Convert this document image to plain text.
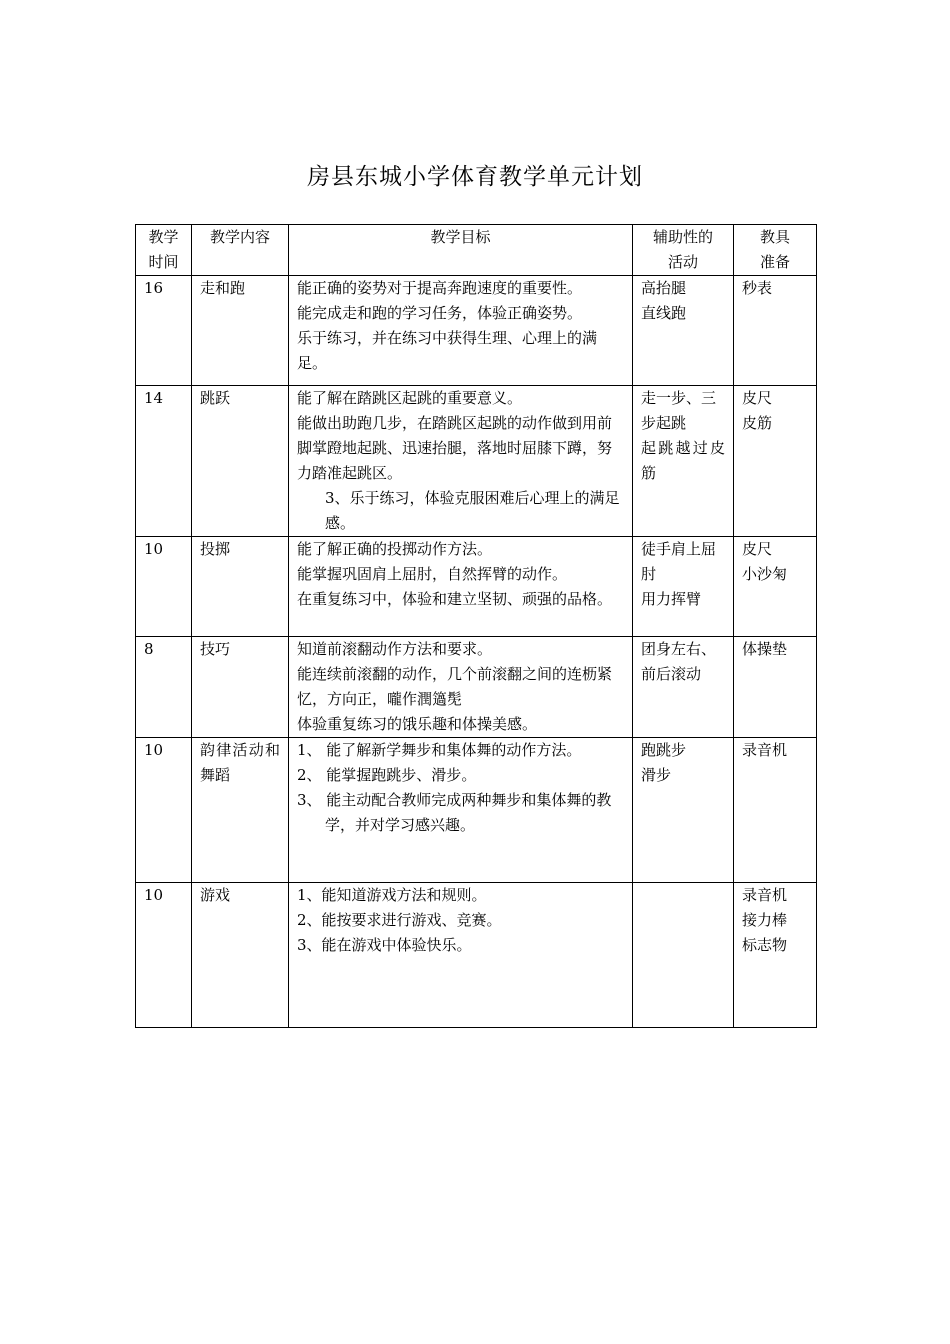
房县东城小学体育教学单元计划
教学
时间	教学内容	教学目标	辅助性的
活动	教具
准备

16	走和跑	能正确的姿势对于提高奔跑速度的重要性。
能完成走和跑的学习任务，体验正确姿势。
乐于练习，并在练习中获得生理、心理上的满足。	高抬腿
直线跑	秒表

14	跳跃	能了解在踏跳区起跳的重要意义。
能做出助跑几步，在踏跳区起跳的动作做到用前脚掌蹬地起跳、迅速抬腿，落地时屈膝下蹲，努力踏准起跳区。
3、乐于练习，体验克服困难后心理上的满足感。	走一步、三步起跳
起跳越过皮筋	皮尺
皮筋

10	投掷	能了解正确的投掷动作方法。
能掌握巩固肩上屈肘，自然挥臂的动作。
在重复练习中，体验和建立坚韧、顽强的品格。	徒手肩上屈肘
用力挥臂	皮尺
小沙匊

8	技巧	知道前滚翻动作方法和要求。
能连续前滚翻的动作，几个前滚翻之间的连枥紧忆，方向正，嚨作潤簻髧
体验重复练习的饿乐趣和体操美感。	团身左右、前后滚动	体操垫

10	韵律活动和舞蹈	1、 能了解新学舞步和集体舞的动作方法。
2、 能掌握跑跳步、滑步。
3、 能主动配合教师完成两种舞步和集体舞的教学，并对学习感兴趣。	跑跳步
滑步	录音机

10	游戏	1、能知道游戏方法和规则。
2、能按要求进行游戏、竞赛。
3、能在游戏中体验快乐。		录音机
接力棒
标志物
